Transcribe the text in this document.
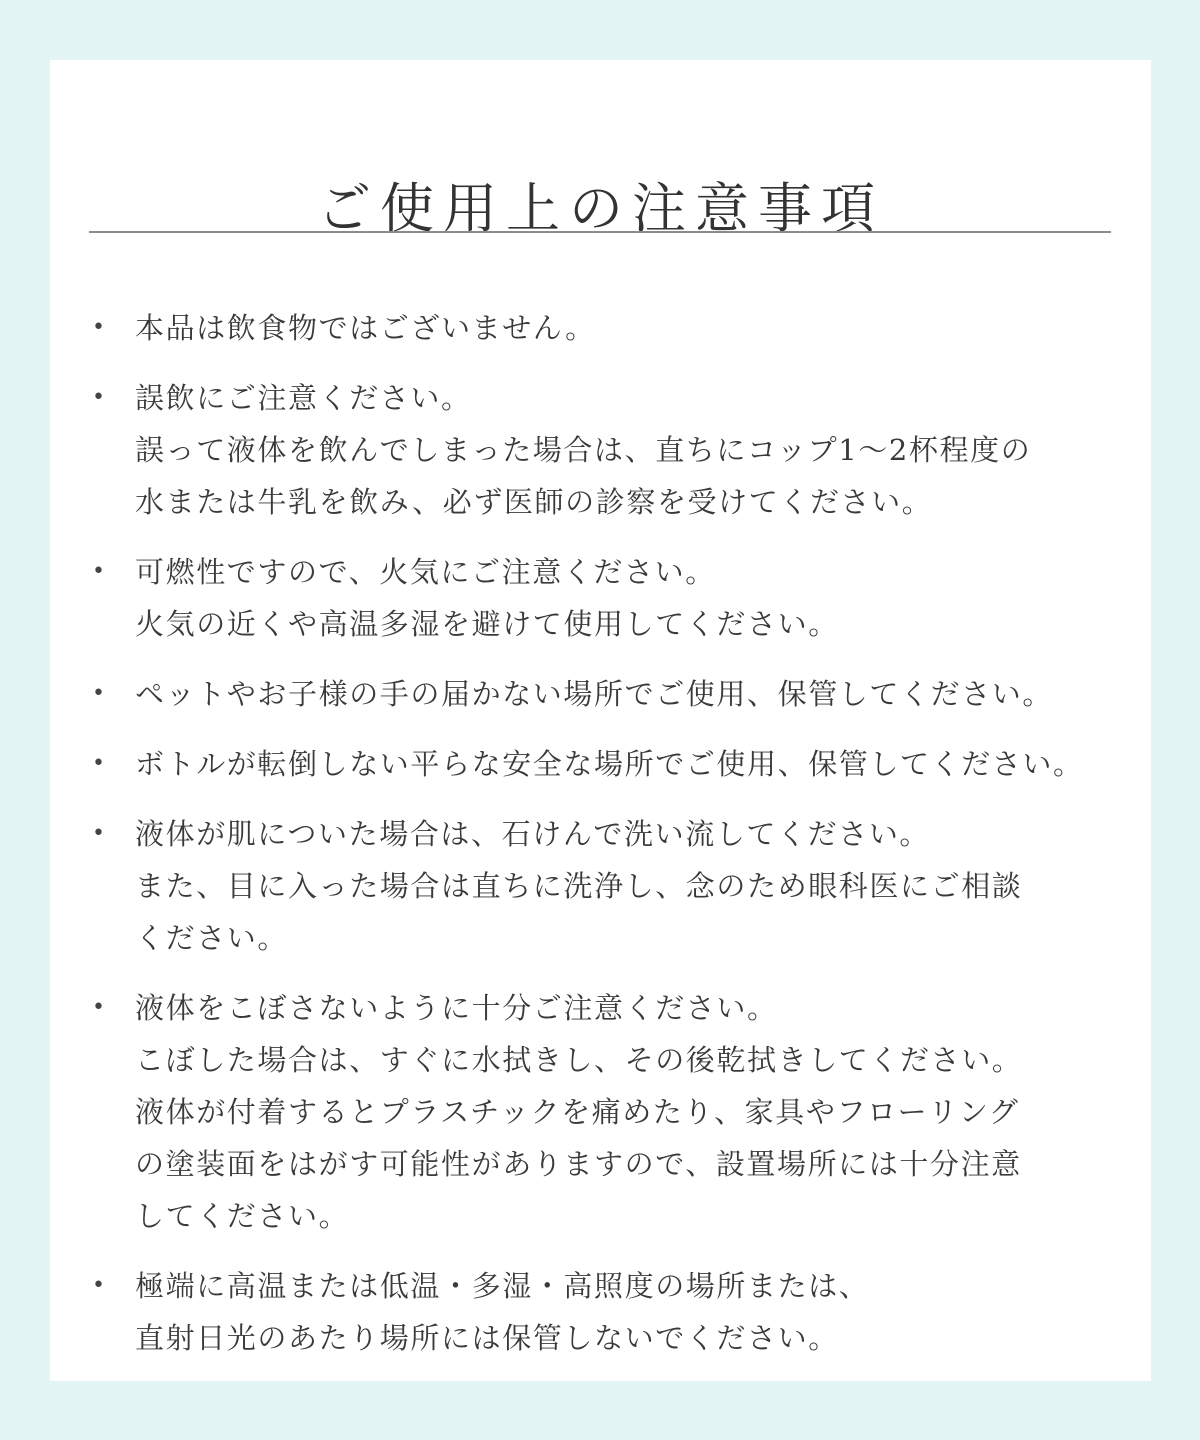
ご使用上の注意事項
• 本品は飲食物ではございません。
• 誤飲にご注意ください。
誤って液体を飲んでしまった場合は、直ちにコップ1〜2杯程度の
水または牛乳を飲み、必ず医師の診察を受けてください。
• 可燃性ですので、火気にご注意ください。
火気の近くや高温多湿を避けて使用してください。
• ペットやお子様の手の届かない場所でご使用、保管してください。
• ボトルが転倒しない平らな安全な場所でご使用、保管してください。
• 液体が肌についた場合は、石けんで洗い流してください。
また、目に入った場合は直ちに洗浄し、念のため眼科医にご相談
ください。
• 液体をこぼさないように十分ご注意ください。
こぼした場合は、すぐに水拭きし、その後乾拭きしてください。
液体が付着するとプラスチックを痛めたり、家具やフローリング
の塗装面をはがす可能性がありますので、設置場所には十分注意
してください。
• 極端に高温または低温・多湿・高照度の場所または、
直射日光のあたり場所には保管しないでください。
